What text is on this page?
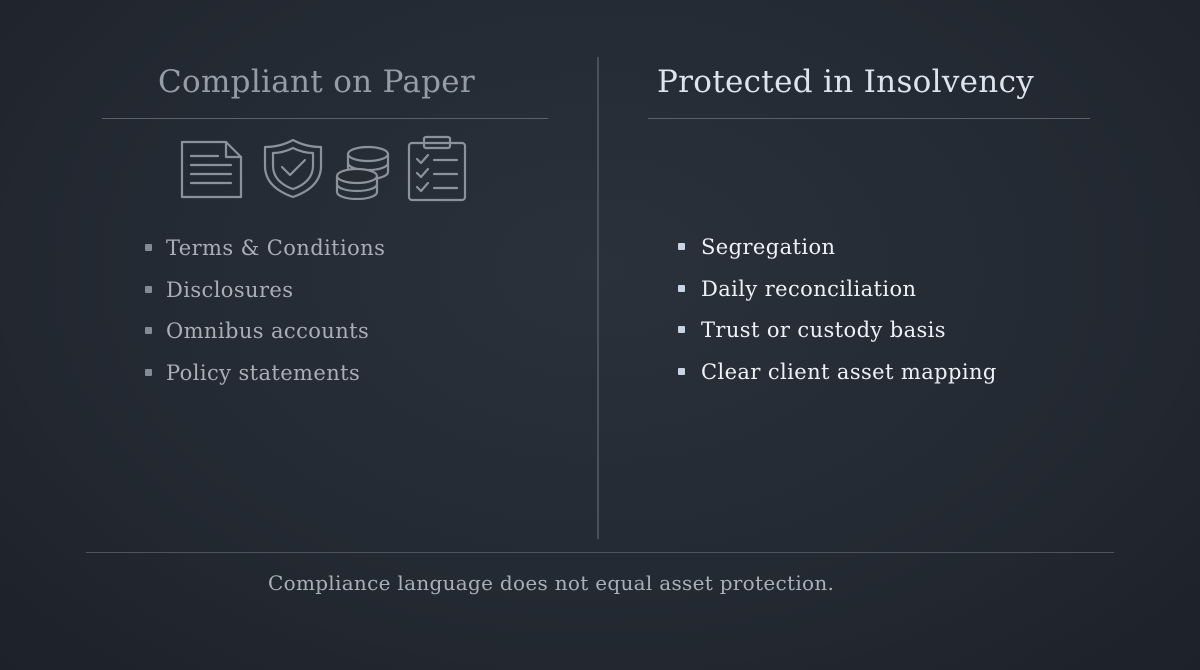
Compliant on Paper
Terms & Conditions
Disclosures
Omnibus accounts
Policy statements
Protected in Insolvency
Segregation
Daily reconciliation
Trust or custody basis
Clear client asset mapping

Compliance language does not equal asset protection.
